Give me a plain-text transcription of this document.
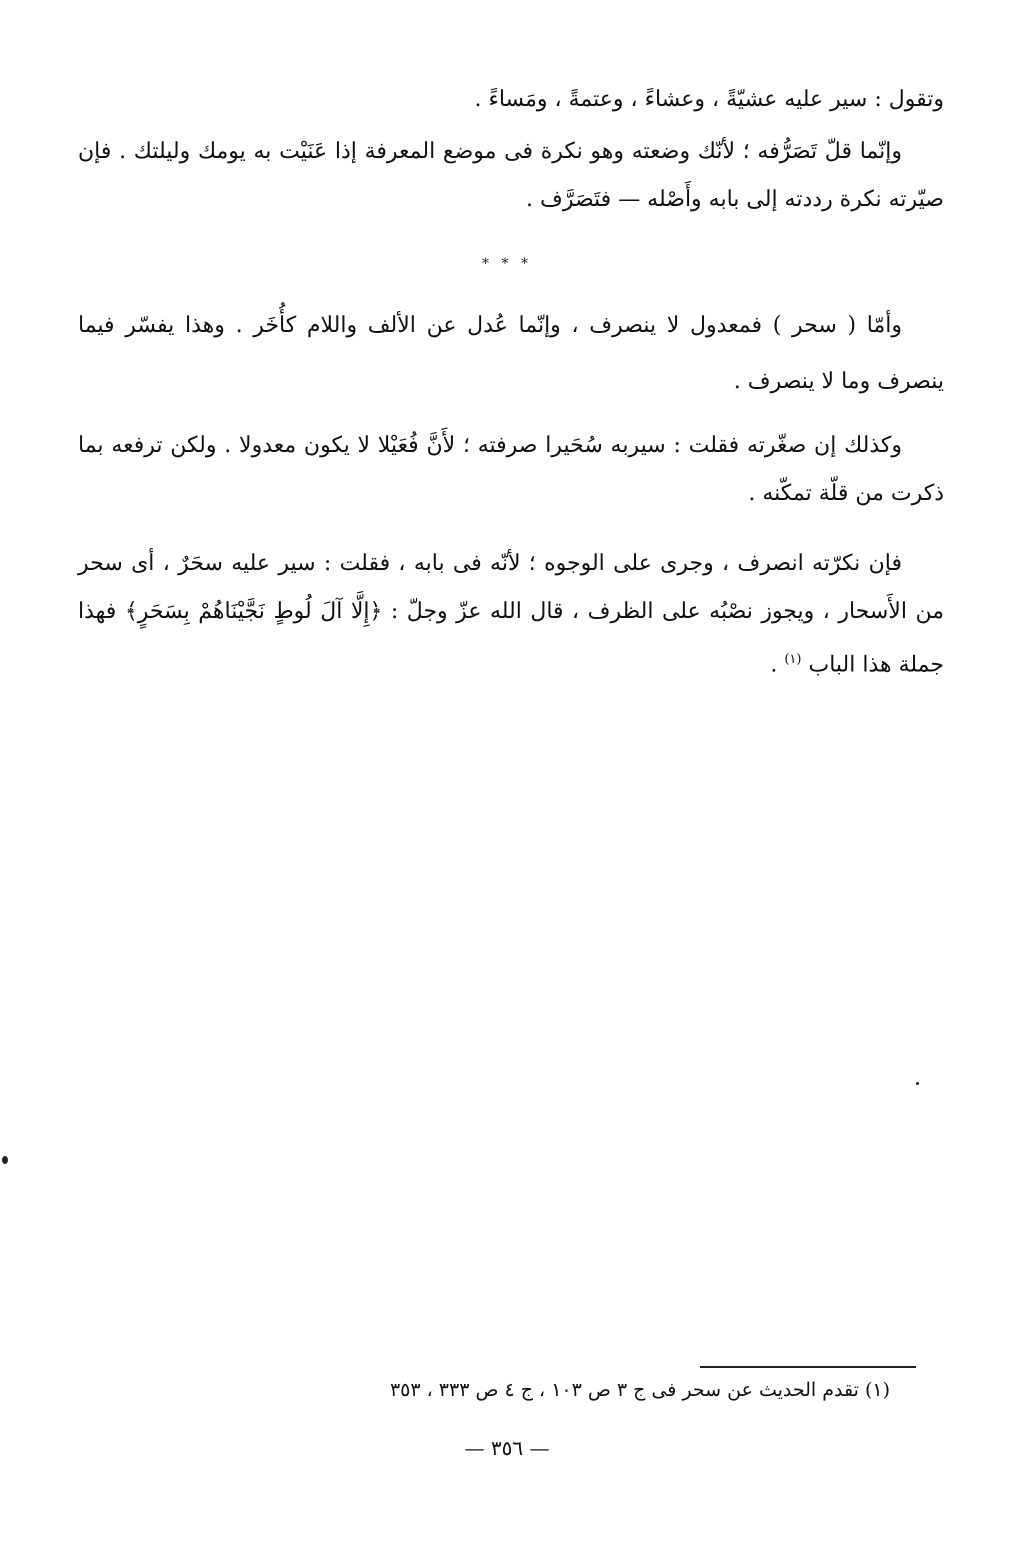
وتقول : سير عليه عشيّةً ، وعشاءً ، وعتمةً ، ومَساءً .

وإنّما قلّ تَصَرُّفه ؛ لأنّك وضعته وهو نكرة فى موضع المعرفة إذا عَنَيْت به يومك وليلتك . فإن صيّرته نكرة رددته إلى بابه وأَصْله — فتَصَرَّف .

* * *

وأمّا ( سحر ) فمعدول لا ينصرف ، وإنّما عُدل عن الألف واللام كأُخَر . وهذا يفسّر فيما ينصرف وما لا ينصرف .

وكذلك إن صغّرته فقلت : سيربه سُحَيرا صرفته ؛ لأَنَّ فُعَيْلا لا يكون معدولا . ولكن ترفعه بما ذكرت من قلّة تمكّنه .

فإن نكرّته انصرف ، وجرى على الوجوه ؛ لأنّه فى بابه ، فقلت : سير عليه سحَرٌ ، أى سحر من الأَسحار ، ويجوز نصْبُه على الظرف ، قال الله عزّ وجلّ : ﴿إِلَّا آلَ لُوطٍ نَجَّيْنَاهُمْ بِسَحَرٍ﴾ فهذا جملة هذا الباب $^{(١)}$ .

(١) تقدم الحديث عن سحر فى ج ٣ ص ١٠٣ ، ج ٤ ص ٣٣٣ ، ٣٥٣
— ٣٥٦ —
